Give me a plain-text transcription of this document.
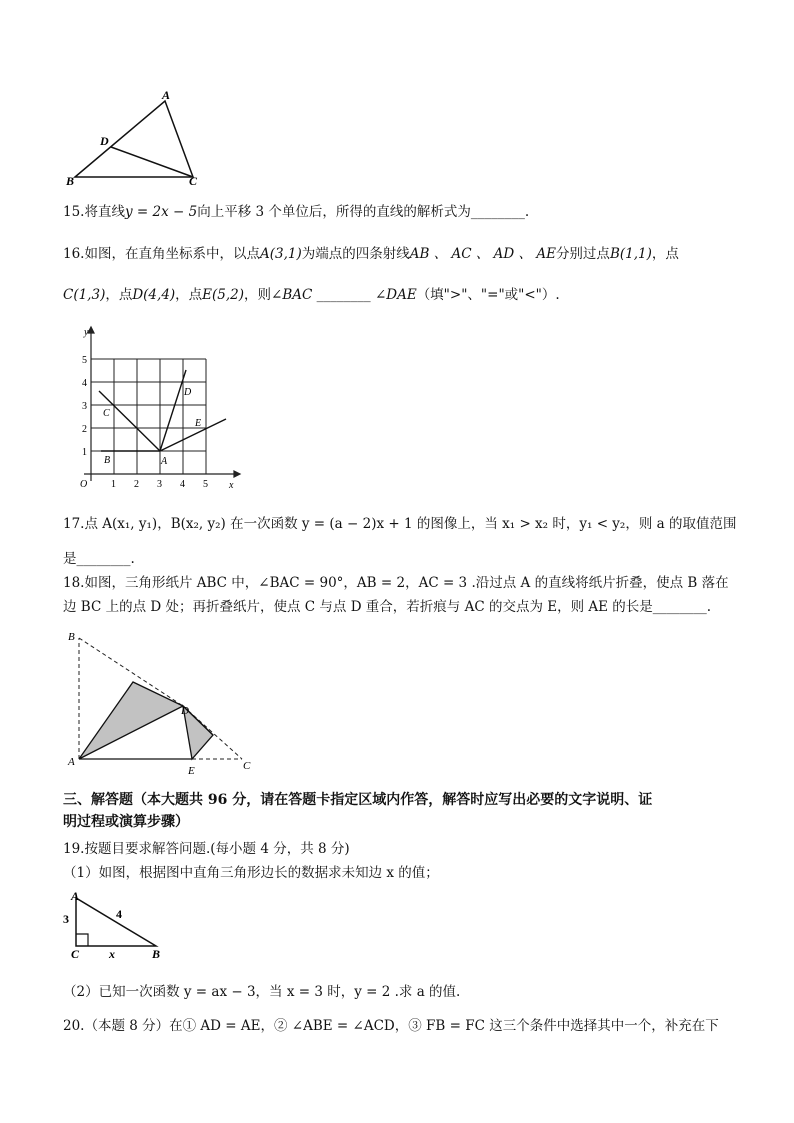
A
D
B	C
15.将直线y = 2x − 5向上平移 3 个单位后，所得的直线的解析式为________.
16.如图，在直角坐标系中，以点A(3,1)为端点的四条射线AB 、 AC 、 AD 、 AE分别过点B(1,1)，点
C(1,3)，点D(4,4)，点E(5,2)，则∠BAC ________ ∠DAE（填">"、"="或"<"）.
y
x
O 1 2 3 4 5
1
2
3
4
5
A
B
C
D
E
17.点 A(x₁, y₁)，B(x₂, y₂) 在一次函数 y = (a − 2)x + 1 的图像上，当 x₁ > x₂ 时，y₁ < y₂，则 a 的取值范围
是________.
18.如图，三角形纸片 ABC 中，∠BAC = 90°，AB = 2，AC = 3 .沿过点 A 的直线将纸片折叠，使点 B 落在
边 BC 上的点 D 处；再折叠纸片，使点 C 与点 D 重合，若折痕与 AC 的交点为 E，则 AE 的长是________.
B
A
D
E	C
三、解答题（本大题共 96 分，请在答题卡指定区域内作答，解答时应写出必要的文字说明、证
明过程或演算步骤）
19.按题目要求解答问题.(每小题 4 分，共 8 分)
（1）如图，根据图中直角三角形边长的数据求未知边 x 的值；
A
3	4
C x	B
（2）已知一次函数 y = ax − 3，当 x = 3 时，y = 2 .求 a 的值.
20.（本题 8 分）在① AD = AE，② ∠ABE = ∠ACD，③ FB = FC 这三个条件中选择其中一个，补充在下
